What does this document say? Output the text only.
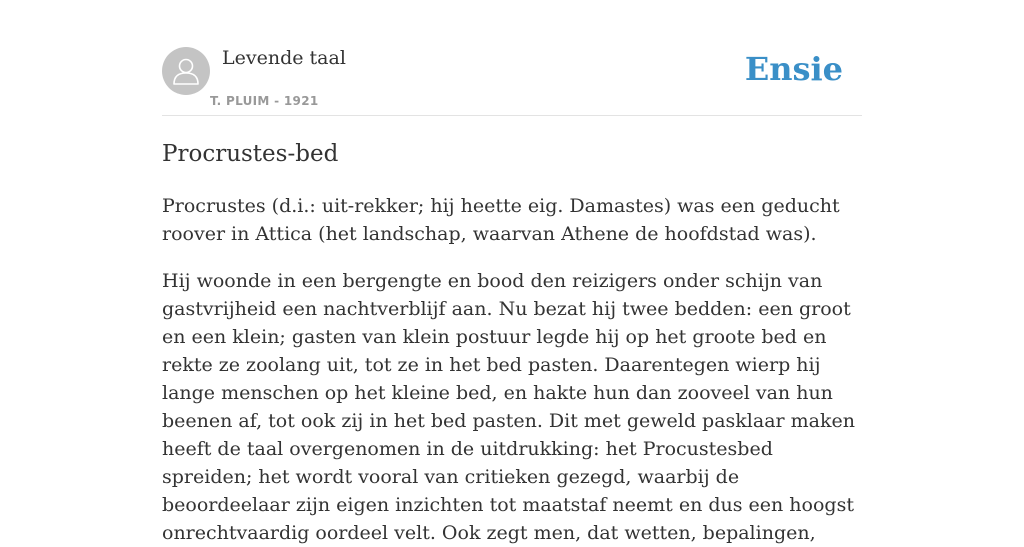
Levende taal
T. PLUIM - 1921
Ensie
Procrustes-bed

Procrustes (d.i.: uit-rekker; hij heette eig. Damastes) was een geducht roover in Attica (het landschap, waarvan Athene de hoofdstad was).

Hij woonde in een bergengte en bood den reizigers onder schijn van gastvrijheid een nachtverblijf aan. Nu bezat hij twee bedden: een groot en een klein; gasten van klein postuur legde hij op het groote bed en rekte ze zoolang uit, tot ze in het bed pasten. Daarentegen wierp hij lange menschen op het kleine bed, en hakte hun dan zooveel van hun beenen af, tot ook zij in het bed pasten. Dit met geweld pasklaar maken heeft de taal overgenomen in de uitdrukking: het Procustesbed spreiden; het wordt vooral van critieken gezegd, waarbij de beoordeelaar zijn eigen inzichten tot maatstaf neemt en dus een hoogst onrechtvaardig oordeel velt. Ook zegt men, dat wetten, bepalingen,
